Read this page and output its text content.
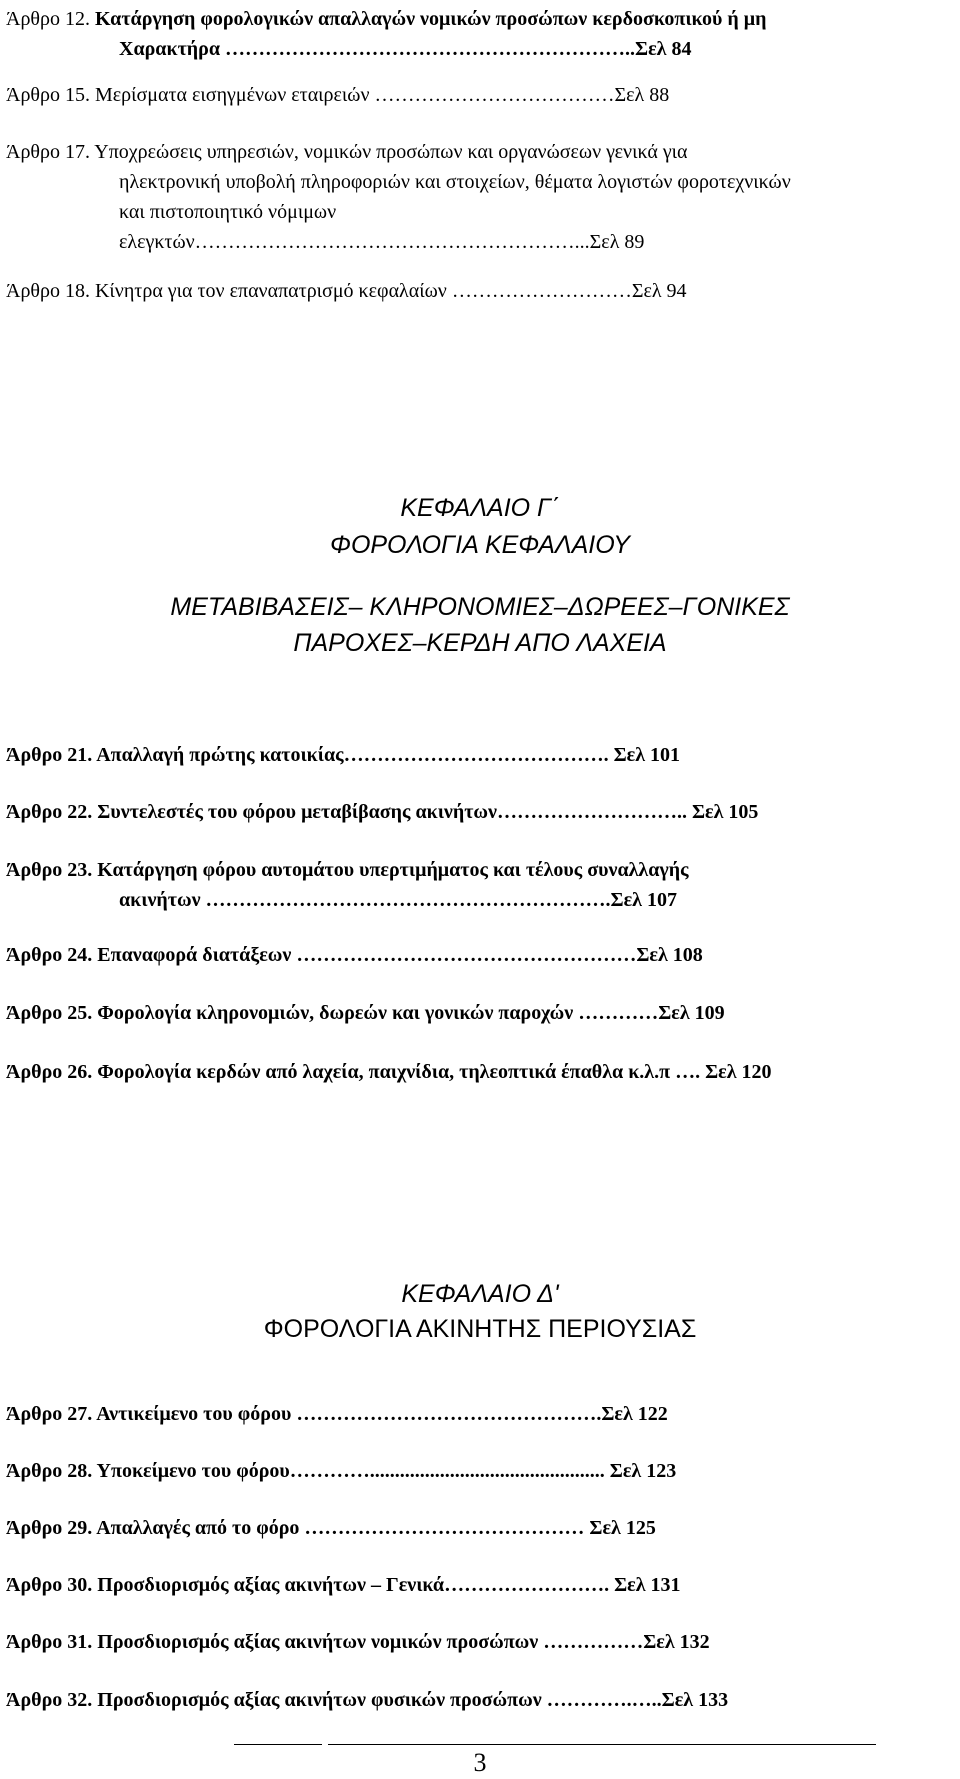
Άρθρο 12. Κατάργηση φορολογικών απαλλαγών νομικών προσώπων κερδοσκοπικού ή μη
Χαρακτήρα ……………………………………………………..Σελ 84
Άρθρο 15. Μερίσματα εισηγμένων εταιρειών ………………………………Σελ 88
Άρθρο 17. Υποχρεώσεις υπηρεσιών, νομικών προσώπων και οργανώσεων γενικά για
ηλεκτρονική υποβολή πληροφοριών και στοιχείων, θέματα λογιστών φοροτεχνικών
και πιστοποιητικό νόμιμων
ελεγκτών…………………………………………………...Σελ 89
Άρθρο 18. Κίνητρα για τον επαναπατρισμό κεφαλαίων ………………………Σελ 94
ΚΕΦΑΛΑΙΟ Γ΄
ΦΟΡΟΛΟΓΙΑ ΚΕΦΑΛΑΙΟΥ
ΜΕΤΑΒΙΒΑΣΕΙΣ– ΚΛΗΡΟΝΟΜΙΕΣ–ΔΩΡΕΕΣ–ΓΟΝΙΚΕΣ
ΠΑΡΟΧΕΣ–ΚΕΡΔΗ ΑΠΟ ΛΑΧΕΙΑ
Άρθρο 21. Απαλλαγή πρώτης κατοικίας…………………………………. Σελ 101
Άρθρο 22. Συντελεστές του φόρου μεταβίβασης ακινήτων……………………….. Σελ 105
Άρθρο 23. Κατάργηση φόρου αυτομάτου υπερτιμήματος και τέλους συναλλαγής
ακινήτων …………………………………………………….Σελ 107
Άρθρο 24. Επαναφορά διατάξεων ……………………………………………Σελ 108
Άρθρο 25. Φορολογία κληρονομιών, δωρεών και γονικών παροχών …………Σελ 109
Άρθρο 26. Φορολογία κερδών από λαχεία, παιχνίδια, τηλεοπτικά έπαθλα κ.λ.π …. Σελ 120
ΚΕΦΑΛΑΙΟ Δ'
ΦΟΡΟΛΟΓΙΑ ΑΚΙΝΗΤΗΣ ΠΕΡΙΟΥΣΙΑΣ
Άρθρο 27. Αντικείμενο του φόρου ……………………………………….Σελ 122
Άρθρο 28. Υποκείμενο του φόρου…………............................................... Σελ 123
Άρθρο 29. Απαλλαγές από το φόρο …………………………………… Σελ 125
Άρθρο 30. Προσδιορισμός αξίας ακινήτων – Γενικά……………………. Σελ 131
Άρθρο 31. Προσδιορισμός αξίας ακινήτων νομικών προσώπων ……………Σελ 132
Άρθρο 32. Προσδιορισμός αξίας ακινήτων φυσικών προσώπων ………….…..Σελ 133
3
